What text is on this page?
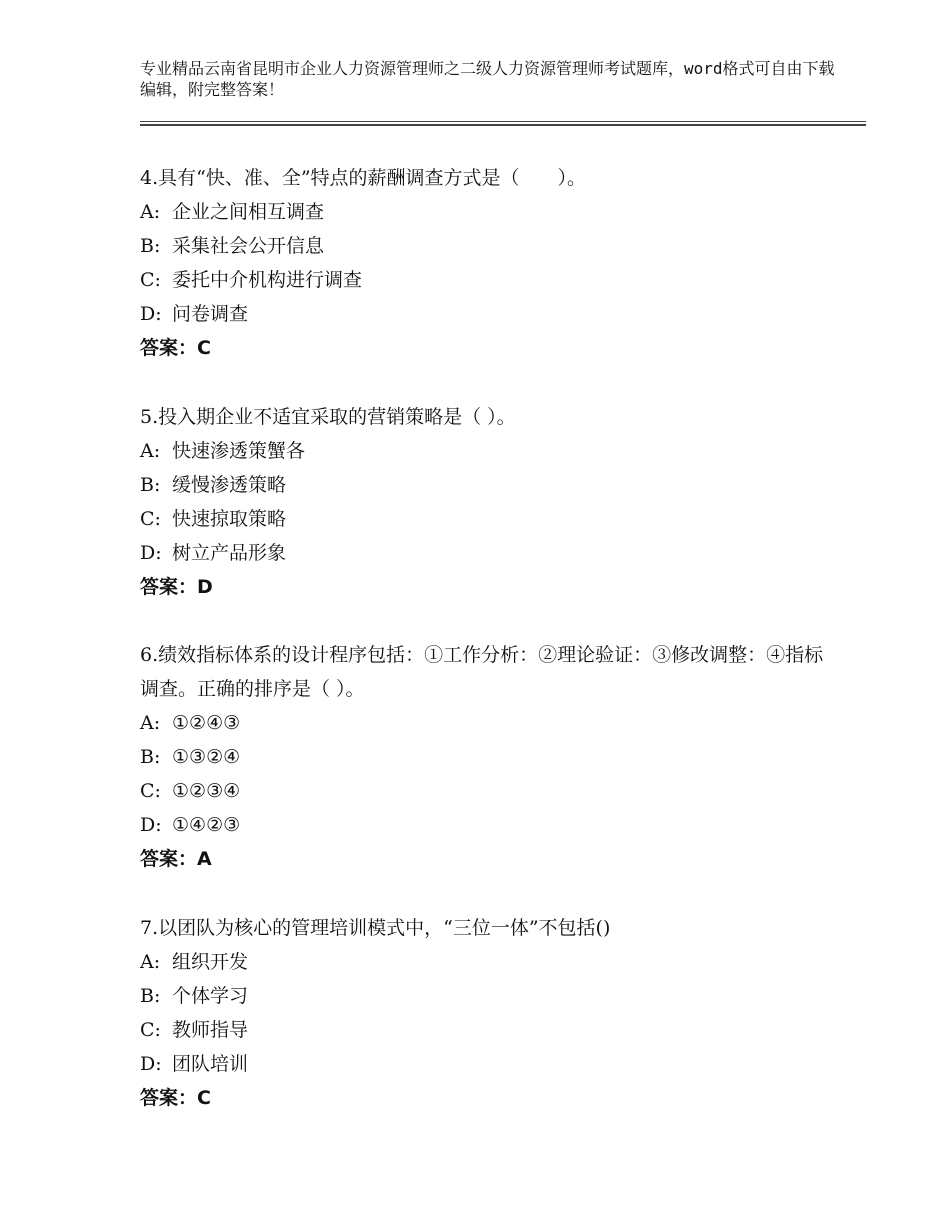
专业精品云南省昆明市企业人力资源管理师之二级人力资源管理师考试题库，word格式可自由下载编辑，附完整答案！
4.具有“快、准、全”特点的薪酬调查方式是（　　）。
A: 企业之间相互调查
B: 采集社会公开信息
C: 委托中介机构进行调查
D: 问卷调查
答案：C
5.投入期企业不适宜采取的营销策略是（ ）。
A: 快速渗透策蟹各
B: 缓慢渗透策略
C: 快速掠取策略
D: 树立产品形象
答案：D
6.绩效指标体系的设计程序包括：①工作分析：②理论验证：③修改调整：④指标调查。正确的排序是（ ）。
A: ①②④③
B: ①③②④
C: ①②③④
D: ①④②③
答案：A
7.以团队为核心的管理培训模式中，“三位一体”不包括()
A: 组织开发
B: 个体学习
C: 教师指导
D: 团队培训
答案：C
